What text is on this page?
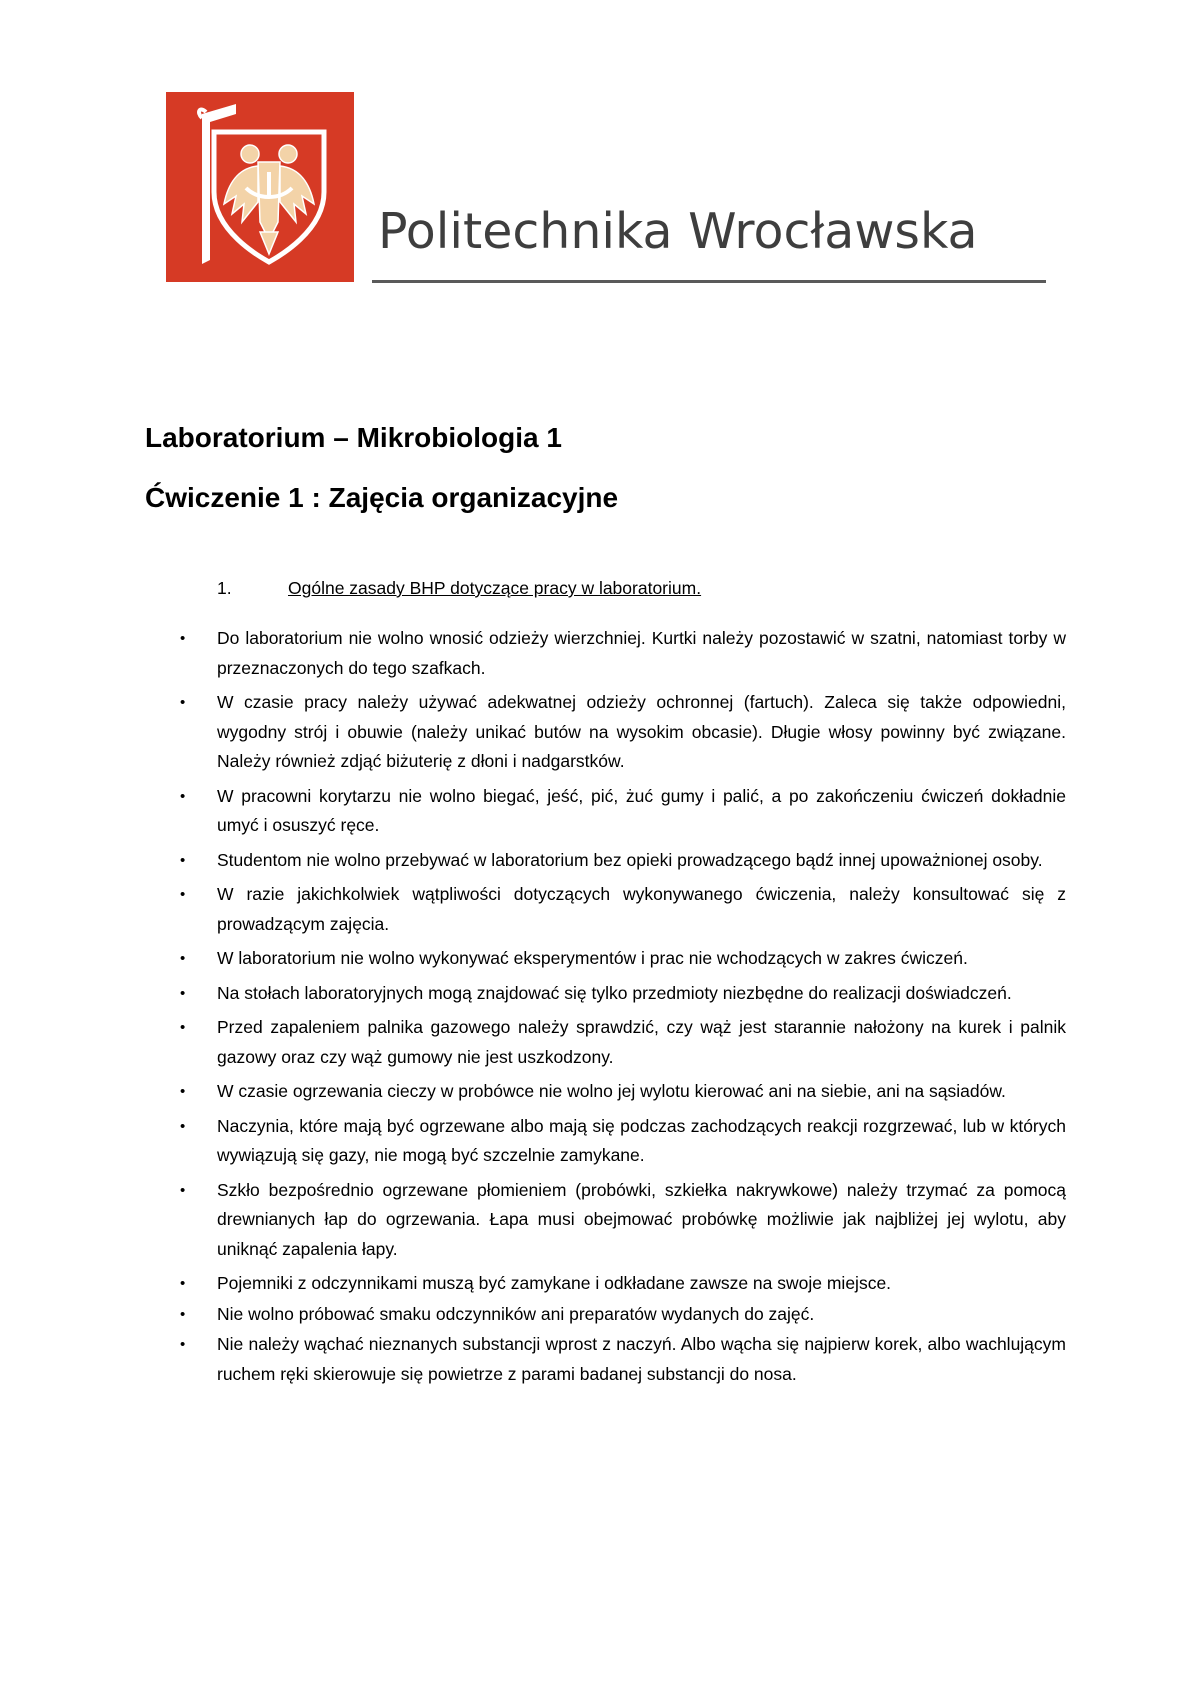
Politechnika Wrocławska
Laboratorium – Mikrobiologia 1
Ćwiczenie 1 : Zajęcia organizacyjne
1.	Ogólne zasady BHP dotyczące pracy w laboratorium.
• Do laboratorium nie wolno wnosić odzieży wierzchniej. Kurtki należy pozostawić w szatni, natomiast torby w przeznaczonych do tego szafkach.
• W czasie pracy należy używać adekwatnej odzieży ochronnej (fartuch). Zaleca się także odpowiedni, wygodny strój i obuwie (należy unikać butów na wysokim obcasie). Długie włosy powinny być związane. Należy również zdjąć biżuterię z dłoni i nadgarstków.
• W pracowni korytarzu nie wolno biegać, jeść, pić, żuć gumy i palić, a po zakończeniu ćwiczeń dokładnie umyć i osuszyć ręce.
• Studentom nie wolno przebywać w laboratorium bez opieki prowadzącego bądź innej upoważnionej osoby.
• W razie jakichkolwiek wątpliwości dotyczących wykonywanego ćwiczenia, należy konsultować się z prowadzącym zajęcia.
• W laboratorium nie wolno wykonywać eksperymentów i prac nie wchodzących w zakres ćwiczeń.
• Na stołach laboratoryjnych mogą znajdować się tylko przedmioty niezbędne do realizacji doświadczeń.
• Przed zapaleniem palnika gazowego należy sprawdzić, czy wąż jest starannie nałożony na kurek i palnik gazowy oraz czy wąż gumowy nie jest uszkodzony.
• W czasie ogrzewania cieczy w probówce nie wolno jej wylotu kierować ani na siebie, ani na sąsiadów.
• Naczynia, które mają być ogrzewane albo mają się podczas zachodzących reakcji rozgrzewać, lub w których wywiązują się gazy, nie mogą być szczelnie zamykane.
• Szkło bezpośrednio ogrzewane płomieniem (probówki, szkiełka nakrywkowe) należy trzymać za pomocą drewnianych łap do ogrzewania. Łapa musi obejmować probówkę możliwie jak najbliżej jej wylotu, aby uniknąć zapalenia łapy.
• Pojemniki z odczynnikami muszą być zamykane i odkładane zawsze na swoje miejsce.
• Nie wolno próbować smaku odczynników ani preparatów wydanych do zajęć.
• Nie należy wąchać nieznanych substancji wprost z naczyń. Albo wącha się najpierw korek, albo wachlującym ruchem ręki skierowuje się powietrze z parami badanej substancji do nosa.
